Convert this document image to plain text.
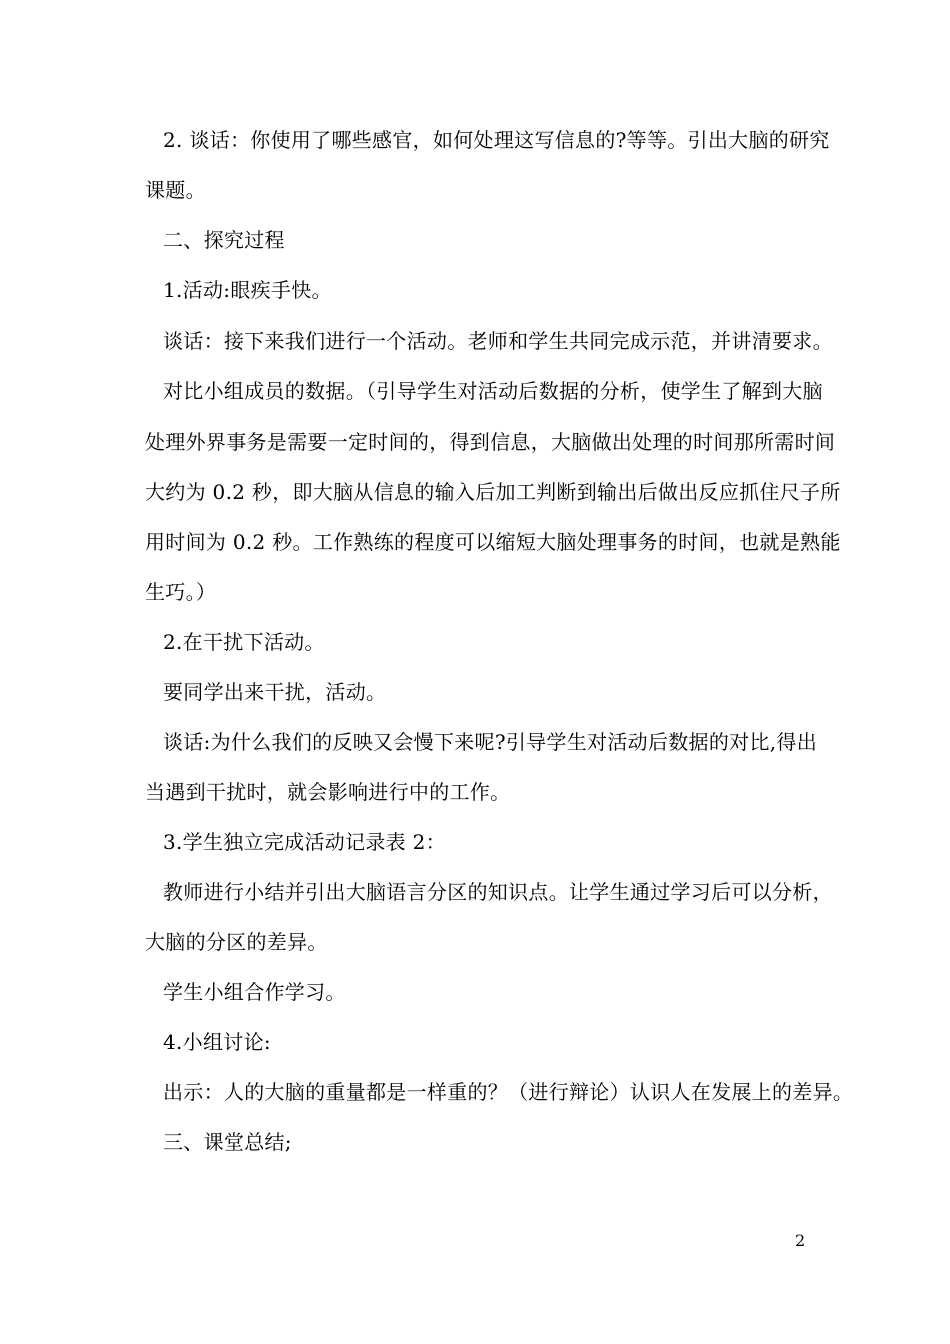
2. 谈话：你使用了哪些感官，如何处理这写信息的?等等。引出大脑的研究
课题。
二、探究过程
1.活动:眼疾手快。
谈话：接下来我们进行一个活动。老师和学生共同完成示范，并讲清要求。
对比小组成员的数据。（引导学生对活动后数据的分析，使学生了解到大脑
处理外界事务是需要一定时间的，得到信息，大脑做出处理的时间那所需时间
大约为 0.2 秒，即大脑从信息的输入后加工判断到输出后做出反应抓住尺子所
用时间为 0.2 秒。工作熟练的程度可以缩短大脑处理事务的时间，也就是熟能
生巧。）
2.在干扰下活动。
要同学出来干扰，活动。
谈话:为什么我们的反映又会慢下来呢?引导学生对活动后数据的对比,得出
当遇到干扰时，就会影响进行中的工作。
3.学生独立完成活动记录表 2：
教师进行小结并引出大脑语言分区的知识点。让学生通过学习后可以分析，
大脑的分区的差异。
学生小组合作学习。
4.小组讨论:
出示：人的大脑的重量都是一样重的？（进行辩论）认识人在发展上的差异。
三、课堂总结;
2
